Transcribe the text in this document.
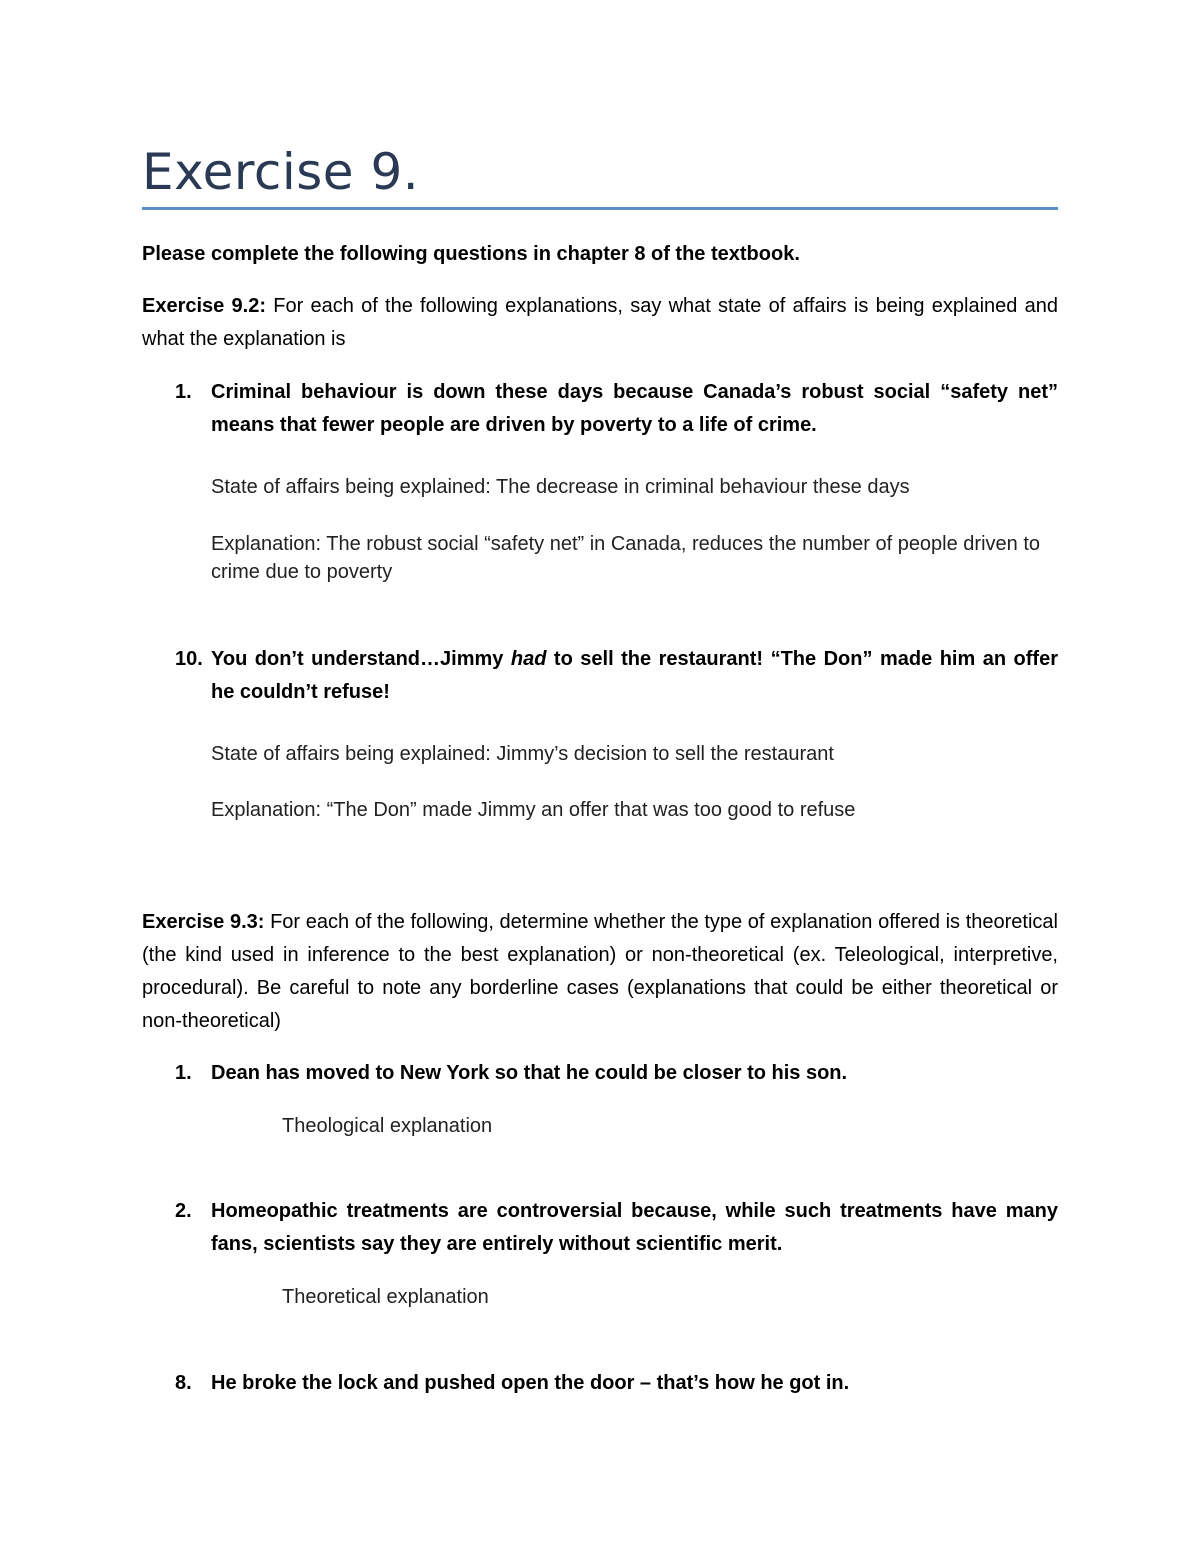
Exercise 9.
Please complete the following questions in chapter 8 of the textbook.
Exercise 9.2: For each of the following explanations, say what state of affairs is being explained and what the explanation is
1. Criminal behaviour is down these days because Canada’s robust social “safety net” means that fewer people are driven by poverty to a life of crime.
State of affairs being explained: The decrease in criminal behaviour these days
Explanation: The robust social “safety net” in Canada, reduces the number of people driven to crime due to poverty
10. You don’t understand…Jimmy had to sell the restaurant! “The Don” made him an offer he couldn’t refuse!
State of affairs being explained: Jimmy’s decision to sell the restaurant
Explanation: “The Don” made Jimmy an offer that was too good to refuse
Exercise 9.3: For each of the following, determine whether the type of explanation offered is theoretical (the kind used in inference to the best explanation) or non-theoretical (ex. Teleological, interpretive, procedural). Be careful to note any borderline cases (explanations that could be either theoretical or non-theoretical)
1. Dean has moved to New York so that he could be closer to his son.
Theological explanation
2. Homeopathic treatments are controversial because, while such treatments have many fans, scientists say they are entirely without scientific merit.
Theoretical explanation
8. He broke the lock and pushed open the door – that’s how he got in.
